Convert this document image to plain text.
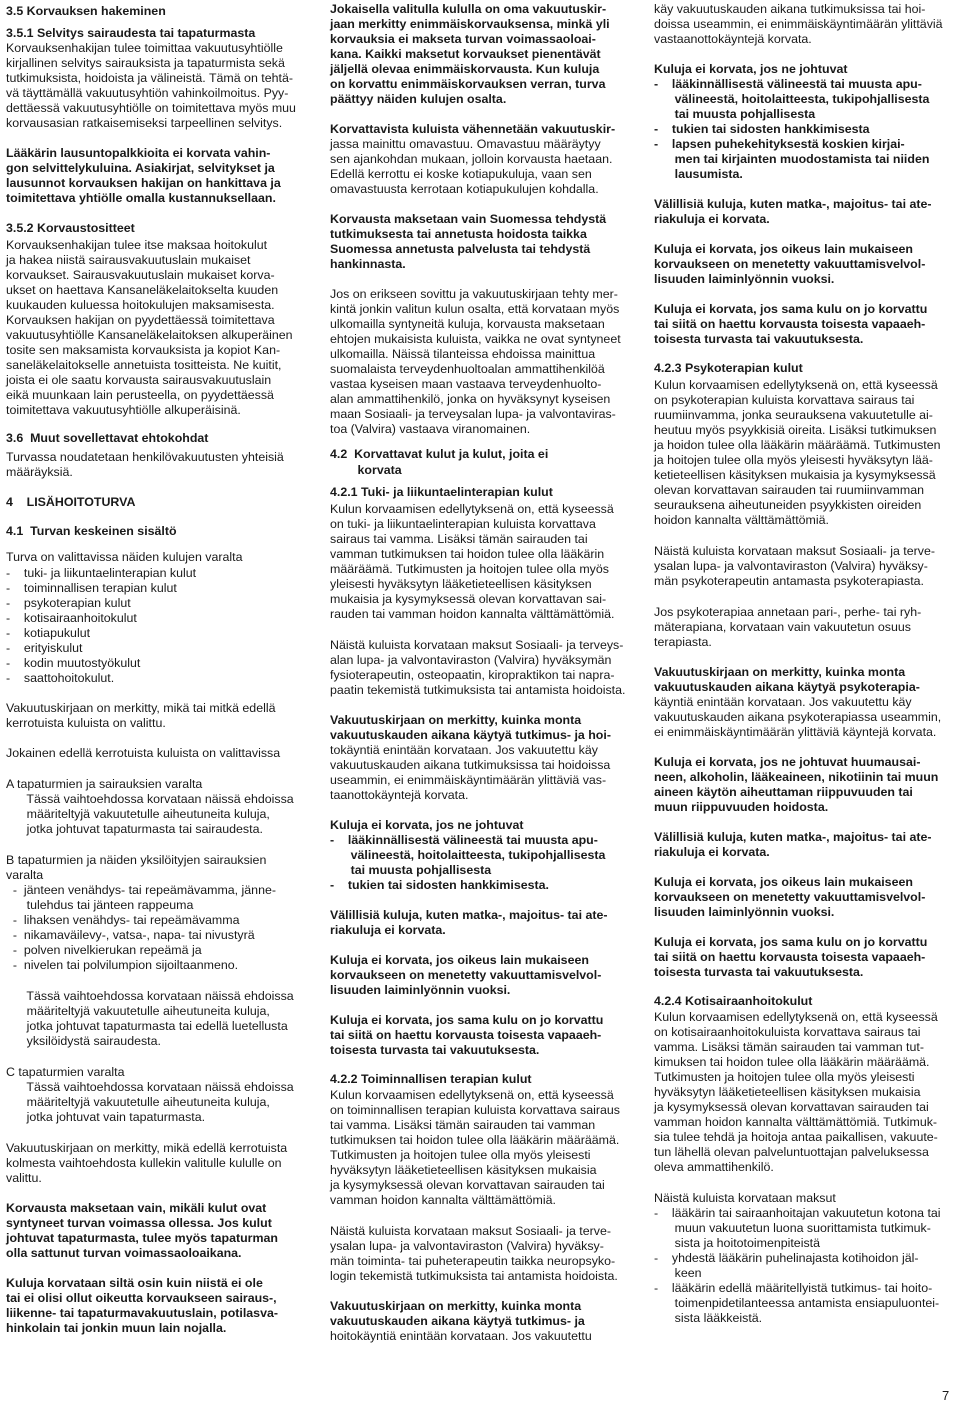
3.5 Korvauksen hakeminen
3.5.1 Selvitys sairaudesta tai tapaturmasta
Korvauksenhakijan tulee toimittaa vakuutusyhtiölle
kirjallinen selvitys sairauksista ja tapaturmista sekä
tutkimuksista, hoidoista ja välineistä. Tämä on tehtä-
vä täyttämällä vakuutusyhtiön vahinkoilmoitus. Pyy-
dettäessä vakuutusyhtiölle on toimitettava myös muu
korvausasian ratkaisemiseksi tarpeellinen selvitys.
Lääkärin lausuntopalkkioita ei korvata vahin-
gon selvittelykuluina. Asiakirjat, selvitykset ja
lausunnot korvauksen hakijan on hankittava ja
toimitettava yhtiölle omalla kustannuksellaan.
3.5.2 Korvaustositteet
Korvauksenhakijan tulee itse maksaa hoitokulut
ja hakea niistä sairausvakuutuslain mukaiset
korvaukset. Sairausvakuutuslain mukaiset korva-
ukset on haettava Kansaneläkelaitokselta kuuden
kuukauden kuluessa hoitokulujen maksamisesta.
Korvauksen hakijan on pyydettäessä toimitettava
vakuutusyhtiölle Kansaneläkelaitoksen alkuperäinen
tosite sen maksamista korvauksista ja kopiot Kan-
saneläkelaitokselle annetuista tositteista. Ne kuitit,
joista ei ole saatu korvausta sairausvakuutuslain
eikä muunkaan lain perusteella, on pyydettäessä
toimitettava vakuutusyhtiölle alkuperäisinä.
3.6  Muut sovellettavat ehtokohdat
Turvassa noudatetaan henkilövakuutusten yhteisiä
määräyksiä.
4    LISÄHOITOTURVA
4.1  Turvan keskeinen sisältö
Turva on valittavissa näiden kulujen varalta
-    tuki- ja liikuntaelinterapian kulut
-    toiminnallisen terapian kulut
-    psykoterapian kulut
-    kotisairaanhoitokulut
-    kotiapukulut
-    erityiskulut
-    kodin muutostyökulut
-    saattohoitokulut.
Vakuutuskirjaan on merkitty, mikä tai mitkä edellä
kerrotuista kuluista on valittu.
Jokainen edellä kerrotuista kuluista on valittavissa
A tapaturmien ja sairauksien varalta
Tässä vaihtoehdossa korvataan näissä ehdoissa
määriteltyjä vakuutetulle aiheutuneita kuluja,
jotka johtuvat tapaturmasta tai sairaudesta.
B tapaturmien ja näiden yksilöityjen sairauksien
varalta
-  jänteen venähdys- tai repeämävamma, jänne-
tulehdus tai jänteen rappeuma
-  lihaksen venähdys- tai repeämävamma
-  nikamaväilevy-, vatsa-, napa- tai nivustyrä
-  polven nivelkierukan repeämä ja
-  nivelen tai polvilumpion sijoiltaanmeno.
Tässä vaihtoehdossa korvataan näissä ehdoissa
määriteltyjä vakuutetulle aiheutuneita kuluja,
jotka johtuvat tapaturmasta tai edellä luetellusta
yksilöidystä sairaudesta.
C tapaturmien varalta
Tässä vaihtoehdossa korvataan näissä ehdoissa
määriteltyjä vakuutetulle aiheutuneita kuluja,
jotka johtuvat vain tapaturmasta.
Vakuutuskirjaan on merkitty, mikä edellä kerrotuista
kolmesta vaihtoehdosta kullekin valitulle kululle on
valittu.
Korvausta maksetaan vain, mikäli kulut ovat
syntyneet turvan voimassa ollessa. Jos kulut
johtuvat tapaturmasta, tulee myös tapaturman
olla sattunut turvan voimassaoloaikana.
Kuluja korvataan siltä osin kuin niistä ei ole
tai ei olisi ollut oikeutta korvaukseen sairaus-,
liikenne- tai tapaturmavakuutuslain, potilasva-
hinkolain tai jonkin muun lain nojalla.
Jokaisella valitulla kululla on oma vakuutuskir-
jaan merkitty enimmäiskorvauksensa, minkä yli
korvauksia ei makseta turvan voimassaoloai-
kana. Kaikki maksetut korvaukset pienentävät
jäljellä olevaa enimmäiskorvausta. Kun kuluja
on korvattu enimmäiskorvauksen verran, turva
päättyy näiden kulujen osalta.
Korvattavista kuluista vähennetään vakuutuskir-
jassa mainittu omavastuu. Omavastuu määräytyy
sen ajankohdan mukaan, jolloin korvausta haetaan.
Edellä kerrottu ei koske kotiapukuluja, vaan sen
omavastuusta kerrotaan kotiapukulujen kohdalla.
Korvausta maksetaan vain Suomessa tehdystä
tutkimuksesta tai annetusta hoidosta taikka
Suomessa annetusta palvelusta tai tehdystä
hankinnasta.
Jos on erikseen sovittu ja vakuutuskirjaan tehty mer-
kintä jonkin valitun kulun osalta, että korvataan myös
ulkomailla syntyneitä kuluja, korvausta maksetaan
ehtojen mukaisista kuluista, vaikka ne ovat syntyneet
ulkomailla. Näissä tilanteissa ehdoissa mainittua
suomalaista terveydenhuoltoalan ammattihenkilöä
vastaa kyseisen maan vastaava terveydenhuolto-
alan ammattihenkilö, jonka on hyväksynyt kyseisen
maan Sosiaali- ja terveysalan lupa- ja valvontaviras-
toa (Valvira) vastaava viranomainen.
4.2  Korvattavat kulut ja kulut, joita ei
korvata
4.2.1 Tuki- ja liikuntaelinterapian kulut
Kulun korvaamisen edellytyksenä on, että kyseessä
on tuki- ja liikuntaelinterapian kuluista korvattava
sairaus tai vamma. Lisäksi tämän sairauden tai
vamman tutkimuksen tai hoidon tulee olla lääkärin
määräämä. Tutkimusten ja hoitojen tulee olla myös
yleisesti hyväksytyn lääketieteellisen käsityksen
mukaisia ja kysymyksessä olevan korvattavan sai-
rauden tai vamman hoidon kannalta välttämättömiä.
Näistä kuluista korvataan maksut Sosiaali- ja terveys-
alan lupa- ja valvontaviraston (Valvira) hyväksymän
fysioterapeutin, osteopaatin, kiropraktikon tai napra-
paatin tekemistä tutkimuksista tai antamista hoidoista.
Vakuutuskirjaan on merkitty, kuinka monta
vakuutuskauden aikana käytyä tutkimus- ja hoi-
tokäyntiä enintään korvataan. Jos vakuutettu käy
vakuutuskauden aikana tutkimuksissa tai hoidoissa
useammin, ei enimmäiskäyntimäärän ylittäviä vas-
taanottokäyntejä korvata.
Kuluja ei korvata, jos ne johtuvat
-    lääkinnällisestä välineestä tai muusta apu-
välineestä, hoitolaitteesta, tukipohjallisesta
tai muusta pohjallisesta
-    tukien tai sidosten hankkimisesta.
Välillisiä kuluja, kuten matka-, majoitus- tai ate-
riakuluja ei korvata.
Kuluja ei korvata, jos oikeus lain mukaiseen
korvaukseen on menetetty vakuuttamisvelvol-
lisuuden laiminlyönnin vuoksi.
Kuluja ei korvata, jos sama kulu on jo korvattu
tai siitä on haettu korvausta toisesta vapaaeh-
toisesta turvasta tai vakuutuksesta.
4.2.2 Toiminnallisen terapian kulut
Kulun korvaamisen edellytyksenä on, että kyseessä
on toiminnallisen terapian kuluista korvattava sairaus
tai vamma. Lisäksi tämän sairauden tai vamman
tutkimuksen tai hoidon tulee olla lääkärin määräämä.
Tutkimusten ja hoitojen tulee olla myös yleisesti
hyväksytyn lääketieteellisen käsityksen mukaisia
ja kysymyksessä olevan korvattavan sairauden tai
vamman hoidon kannalta välttämättömiä.
Näistä kuluista korvataan maksut Sosiaali- ja terve-
ysalan lupa- ja valvontaviraston (Valvira) hyväksy-
män toiminta- tai puheterapeutin taikka neuropsyko-
login tekemistä tutkimuksista tai antamista hoidoista.
Vakuutuskirjaan on merkitty, kuinka monta
vakuutuskauden aikana käytyä tutkimus- ja
hoitokäyntiä enintään korvataan. Jos vakuutettu
käy vakuutuskauden aikana tutkimuksissa tai hoi-
doissa useammin, ei enimmäiskäyntimäärän ylittäviä
vastaanottokäyntejä korvata.
Kuluja ei korvata, jos ne johtuvat
-    lääkinnällisestä välineestä tai muusta apu-
välineestä, hoitolaitteesta, tukipohjallisesta
tai muusta pohjallisesta
-    tukien tai sidosten hankkimisesta
-    lapsen puhekehityksestä koskien kirjai-
men tai kirjainten muodostamista tai niiden
lausumista.
Välillisiä kuluja, kuten matka-, majoitus- tai ate-
riakuluja ei korvata.
Kuluja ei korvata, jos oikeus lain mukaiseen
korvaukseen on menetetty vakuuttamisvelvol-
lisuuden laiminlyönnin vuoksi.
Kuluja ei korvata, jos sama kulu on jo korvattu
tai siitä on haettu korvausta toisesta vapaaeh-
toisesta turvasta tai vakuutuksesta.
4.2.3 Psykoterapian kulut
Kulun korvaamisen edellytyksenä on, että kyseessä
on psykoterapian kuluista korvattava sairaus tai
ruumiinvamma, jonka seurauksena vakuutetulle ai-
heutuu myös psyykkisiä oireita. Lisäksi tutkimuksen
ja hoidon tulee olla lääkärin määräämä. Tutkimusten
ja hoitojen tulee olla myös yleisesti hyväksytyn lää-
ketieteellisen käsityksen mukaisia ja kysymyksessä
olevan korvattavan sairauden tai ruumiinvamman
seurauksena aiheutuneiden psyykkisten oireiden
hoidon kannalta välttämättömiä.
Näistä kuluista korvataan maksut Sosiaali- ja terve-
ysalan lupa- ja valvontaviraston (Valvira) hyväksy-
män psykoterapeutin antamasta psykoterapiasta.
Jos psykoterapiaa annetaan pari-, perhe- tai ryh-
mäterapiana, korvataan vain vakuutetun osuus
terapiasta.
Vakuutuskirjaan on merkitty, kuinka monta
vakuutuskauden aikana käytyä psykoterapia-
käyntiä enintään korvataan. Jos vakuutettu käy
vakuutuskauden aikana psykoterapiassa useammin,
ei enimmäiskäyntimäärän ylittäviä käyntejä korvata.
Kuluja ei korvata, jos ne johtuvat huumausai-
neen, alkoholin, lääkeaineen, nikotiinin tai muun
aineen käytön aiheuttaman riippuvuuden tai
muun riippuvuuden hoidosta.
Välillisiä kuluja, kuten matka-, majoitus- tai ate-
riakuluja ei korvata.
Kuluja ei korvata, jos oikeus lain mukaiseen
korvaukseen on menetetty vakuuttamisvelvol-
lisuuden laiminlyönnin vuoksi.
Kuluja ei korvata, jos sama kulu on jo korvattu
tai siitä on haettu korvausta toisesta vapaaeh-
toisesta turvasta tai vakuutuksesta.
4.2.4 Kotisairaanhoitokulut
Kulun korvaamisen edellytyksenä on, että kyseessä
on kotisairaanhoitokuluista korvattava sairaus tai
vamma. Lisäksi tämän sairauden tai vamman tut-
kimuksen tai hoidon tulee olla lääkärin määräämä.
Tutkimusten ja hoitojen tulee olla myös yleisesti
hyväksytyn lääketieteellisen käsityksen mukaisia
ja kysymyksessä olevan korvattavan sairauden tai
vamman hoidon kannalta välttämättömiä. Tutkimuk-
sia tulee tehdä ja hoitoja antaa paikallisen, vakuute-
tun lähellä olevan palveluntuottajan palveluksessa
oleva ammattihenkilö.
Näistä kuluista korvataan maksut
-    lääkärin tai sairaanhoitajan vakuutetun kotona tai
muun vakuutetun luona suorittamista tutkimuk-
sista ja hoitotoimenpiteistä
-    yhdestä lääkärin puhelinajasta kotihoidon jäl-
keen
-    lääkärin edellä määritellyistä tutkimus- tai hoito-
toimenpidetilanteessa antamista ensiapuluontei-
sista lääkkeistä.
7
